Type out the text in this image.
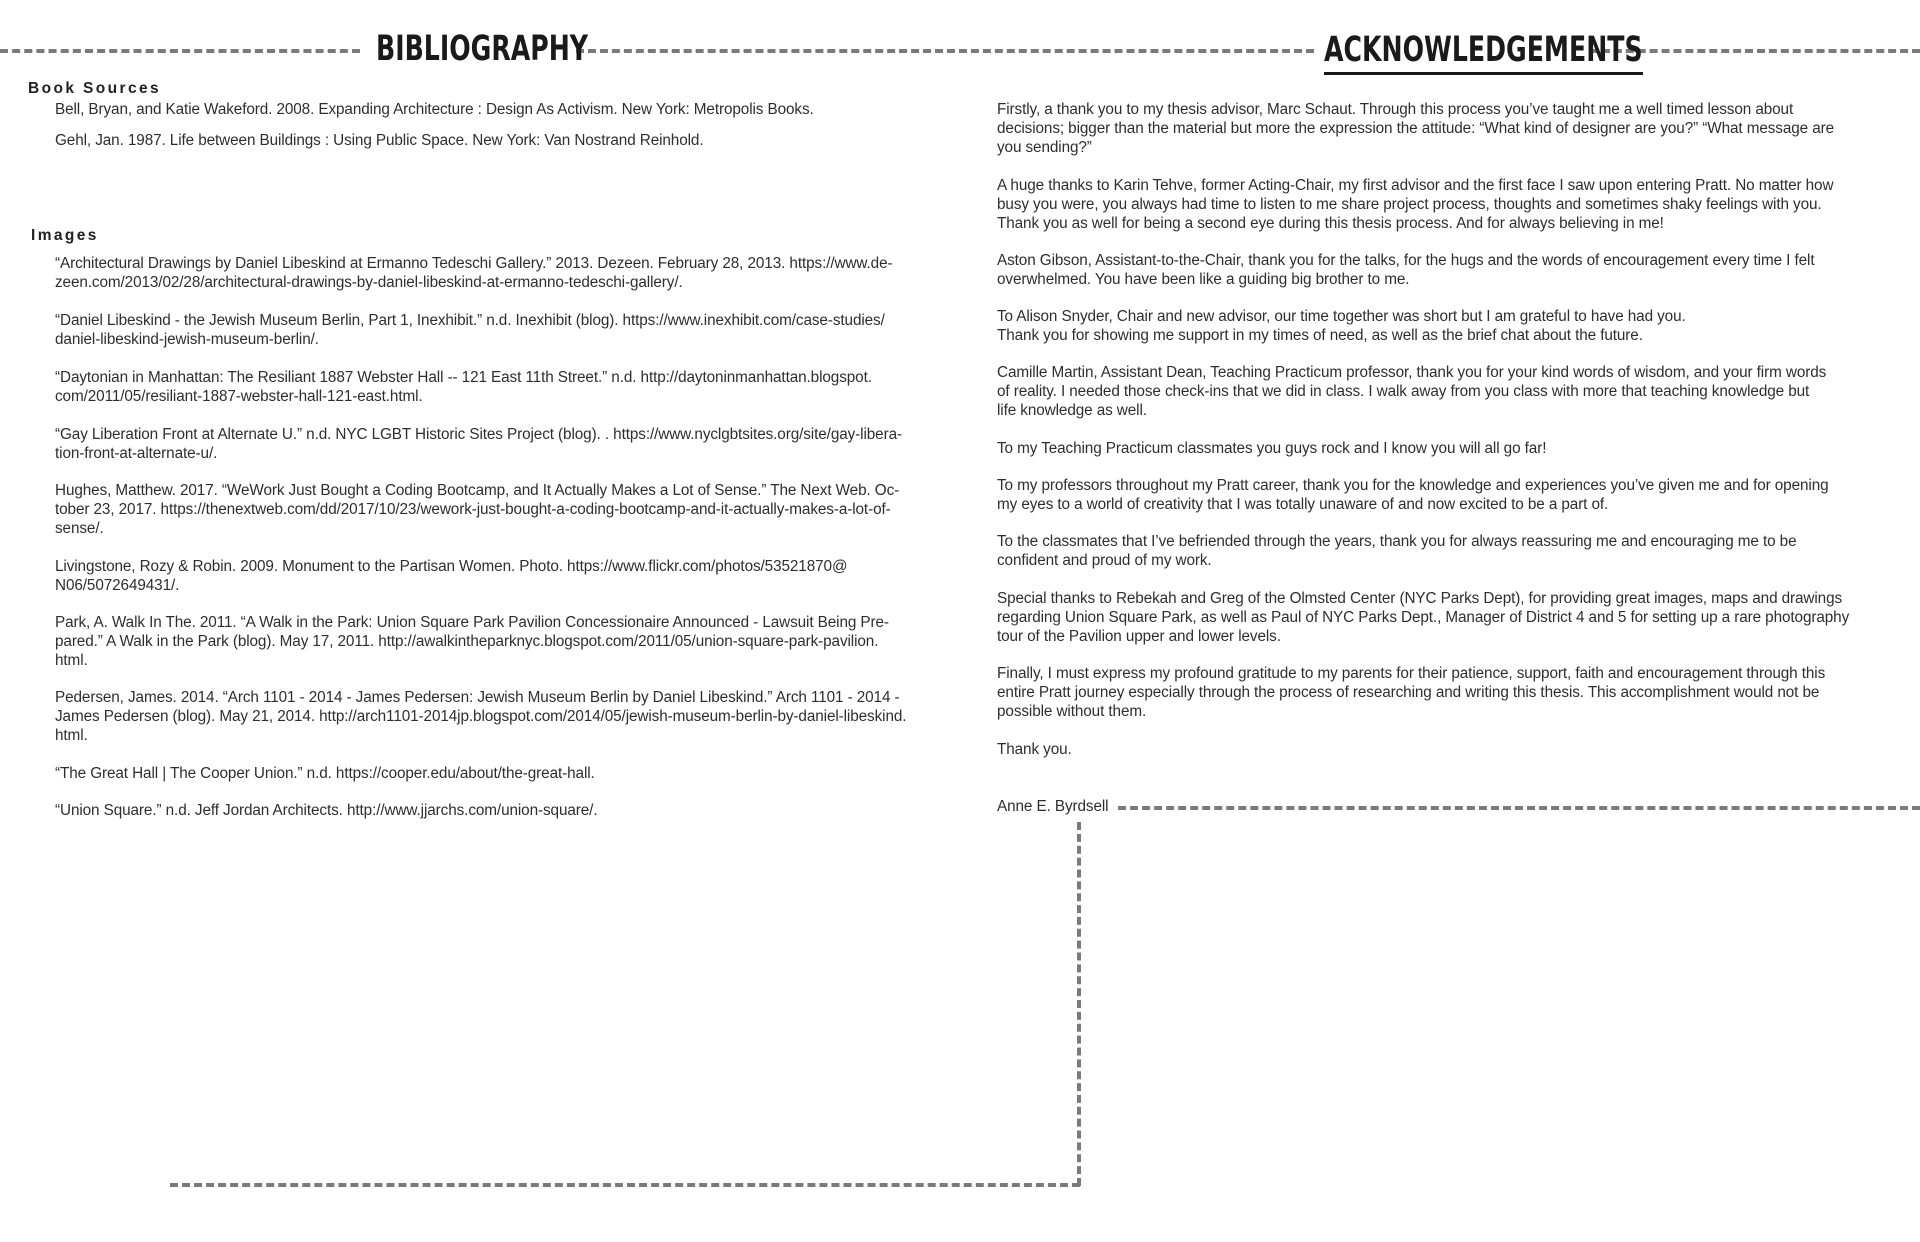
BIBLIOGRAPHY
Book Sources

Bell, Bryan, and Katie Wakeford. 2008. Expanding Architecture : Design As Activism. New York: Metropolis Books.

Gehl, Jan. 1987. Life between Buildings : Using Public Space. New York: Van Nostrand Reinhold.

Images

“Architectural Drawings by Daniel Libeskind at Ermanno Tedeschi Gallery.” 2013. Dezeen. February 28, 2013. https://www.de-
zeen.com/2013/02/28/architectural-drawings-by-daniel-libeskind-at-ermanno-tedeschi-gallery/.

“Daniel Libeskind - the Jewish Museum Berlin, Part 1, Inexhibit.” n.d. Inexhibit (blog). https://www.inexhibit.com/case-studies/
daniel-libeskind-jewish-museum-berlin/.

“Daytonian in Manhattan: The Resiliant 1887 Webster Hall -- 121 East 11th Street.” n.d. http://daytoninmanhattan.blogspot.
com/2011/05/resiliant-1887-webster-hall-121-east.html.

“Gay Liberation Front at Alternate U.” n.d. NYC LGBT Historic Sites Project (blog). . https://www.nyclgbtsites.org/site/gay-libera-
tion-front-at-alternate-u/.

Hughes, Matthew. 2017. “WeWork Just Bought a Coding Bootcamp, and It Actually Makes a Lot of Sense.” The Next Web. Oc-
tober 23, 2017. https://thenextweb.com/dd/2017/10/23/wework-just-bought-a-coding-bootcamp-and-it-actually-makes-a-lot-of-
sense/.

Livingstone, Rozy & Robin. 2009. Monument to the Partisan Women. Photo. https://www.flickr.com/photos/53521870@
N06/5072649431/.

Park, A. Walk In The. 2011. “A Walk in the Park: Union Square Park Pavilion Concessionaire Announced - Lawsuit Being Pre-
pared.” A Walk in the Park (blog). May 17, 2011. http://awalkintheparknyc.blogspot.com/2011/05/union-square-park-pavilion.
html.

Pedersen, James. 2014. “Arch 1101 - 2014 - James Pedersen: Jewish Museum Berlin by Daniel Libeskind.” Arch 1101 - 2014 -
James Pedersen (blog). May 21, 2014. http://arch1101-2014jp.blogspot.com/2014/05/jewish-museum-berlin-by-daniel-libeskind.
html.

“The Great Hall | The Cooper Union.” n.d. https://cooper.edu/about/the-great-hall.

“Union Square.” n.d. Jeff Jordan Architects. http://www.jjarchs.com/union-square/.

ACKNOWLEDGEMENTS

Firstly, a thank you to my thesis advisor, Marc Schaut. Through this process you’ve taught me a well timed lesson about
decisions; bigger than the material but more the expression the attitude: “What kind of designer are you?” “What message are
you sending?”

A huge thanks to Karin Tehve, former Acting-Chair, my first advisor and the first face I saw upon entering Pratt. No matter how
busy you were, you always had time to listen to me share project process, thoughts and sometimes shaky feelings with you.
Thank you as well for being a second eye during this thesis process. And for always believing in me!

Aston Gibson, Assistant-to-the-Chair, thank you for the talks, for the hugs and the words of encouragement every time I felt
overwhelmed. You have been like a guiding big brother to me.

To Alison Snyder, Chair and new advisor, our time together was short but I am grateful to have had you.
Thank you for showing me support in my times of need, as well as the brief chat about the future.

Camille Martin, Assistant Dean, Teaching Practicum professor, thank you for your kind words of wisdom, and your firm words
of reality. I needed those check-ins that we did in class. I walk away from you class with more that teaching knowledge but
life knowledge as well.

To my Teaching Practicum classmates you guys rock and I know you will all go far!

To my professors throughout my Pratt career, thank you for the knowledge and experiences you’ve given me and for opening
my eyes to a world of creativity that I was totally unaware of and now excited to be a part of.

To the classmates that I’ve befriended through the years, thank you for always reassuring me and encouraging me to be
confident and proud of my work.

Special thanks to Rebekah and Greg of the Olmsted Center (NYC Parks Dept), for providing great images, maps and drawings
regarding Union Square Park, as well as Paul of NYC Parks Dept., Manager of District 4 and 5 for setting up a rare photography
tour of the Pavilion upper and lower levels.

Finally, I must express my profound gratitude to my parents for their patience, support, faith and encouragement through this
entire Pratt journey especially through the process of researching and writing this thesis. This accomplishment would not be
possible without them.

Thank you.

Anne E. Byrdsell
